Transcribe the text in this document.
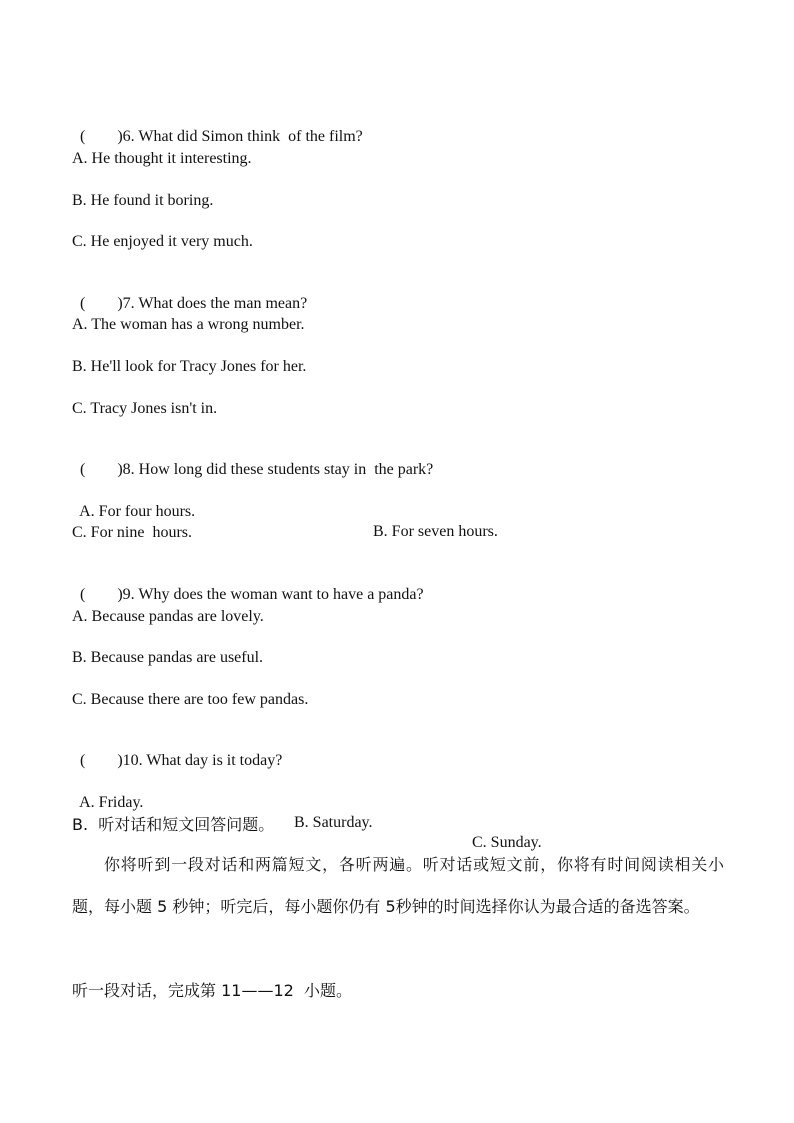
(        )6. What did Simon think  of the film?

A. He thought it interesting.
B. He found it boring.
C. He enjoyed it very much.

(        )7. What does the man mean?

A. The woman has a wrong number.
B. He'll look for Tracy Jones for her.
C. Tracy Jones isn't in.

(        )8. How long did these students stay in  the park?

A. For four hours.

B. For seven hours.

C. For nine  hours.

(        )9. Why does the woman want to have a panda?

A. Because pandas are lovely.
B. Because pandas are useful.
C. Because there are too few pandas.

(        )10. What day is it today?

A. Friday.

B. Saturday.

C. Sunday.

B.  听对话和短文回答问题。
你将听到一段对话和两篇短文，各听两遍。听对话或短文前，你将有时间阅读相关小题，每小题 5 秒钟；听完后，每小题你仍有 5秒钟的时间选择你认为最合适的备选答案。
听一段对话，完成第 11——12  小题。
